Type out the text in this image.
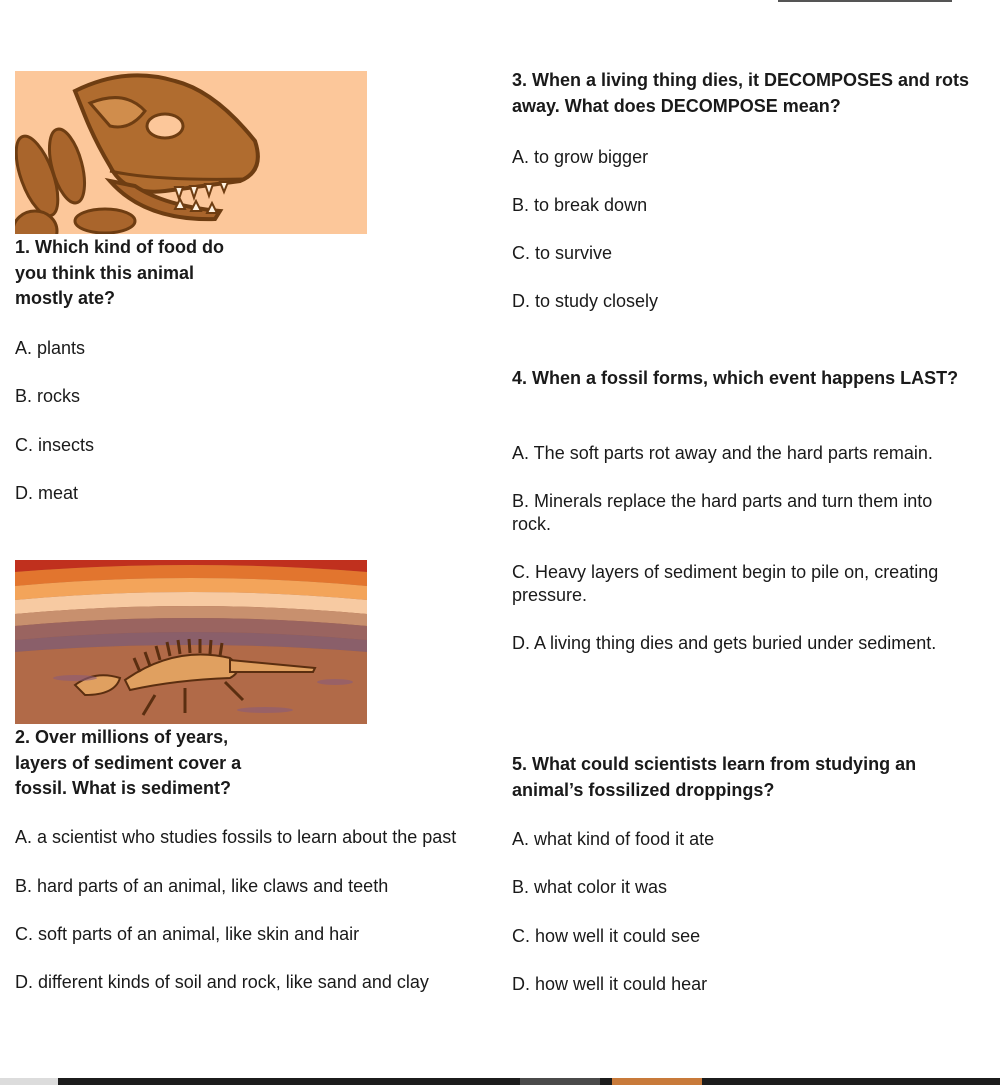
1. Which kind of food do you think this animal mostly ate?

A. plants

B. rocks

C. insects

D. meat

2. Over millions of years, layers of sediment cover a fossil. What is sediment?

A. a scientist who studies fossils to learn about the past

B. hard parts of an animal, like claws and teeth

C. soft parts of an animal, like skin and hair

D. different kinds of soil and rock, like sand and clay

3. When a living thing dies, it DECOMPOSES and rots away. What does DECOMPOSE mean?

A. to grow bigger

B. to break down

C. to survive

D. to study closely

4. When a fossil forms, which event happens LAST?

A. The soft parts rot away and the hard parts remain.

B. Minerals replace the hard parts and turn them into rock.

C. Heavy layers of sediment begin to pile on, creating pressure.

D. A living thing dies and gets buried under sediment.

5. What could scientists learn from studying an animal’s fossilized droppings?

A. what kind of food it ate

B. what color it was

C. how well it could see

D. how well it could hear
